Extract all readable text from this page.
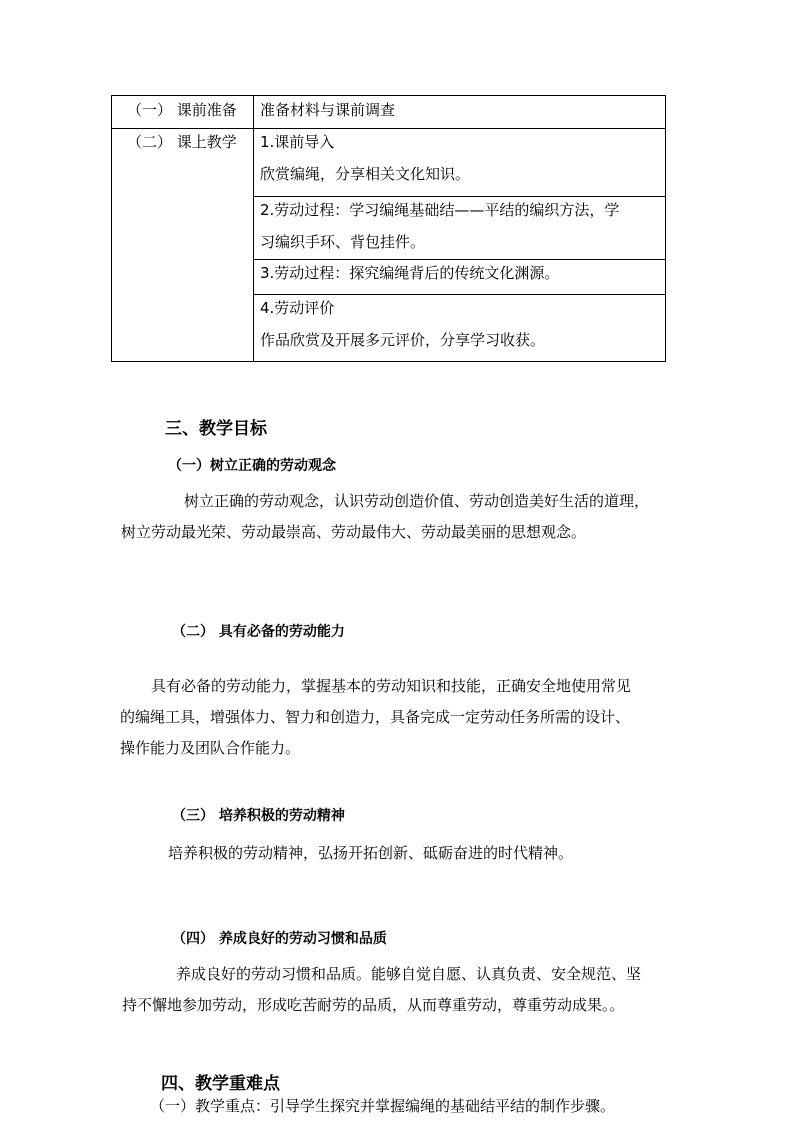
（一） 课前准备 准备材料与课前调查
（二） 课上教学 1.课前导入
欣赏编绳，分享相关文化知识。
2.劳动过程：学习编绳基础结——平结的编织方法，学
习编织手环、背包挂件。
3.劳动过程：探究编绳背后的传统文化渊源。
4.劳动评价
作品欣赏及开展多元评价，分享学习收获。
三、教学目标
（一）树立正确的劳动观念
树立正确的劳动观念，认识劳动创造价值、劳动创造美好生活的道理，
树立劳动最光荣、劳动最崇高、劳动最伟大、劳动最美丽的思想观念。
（二） 具有必备的劳动能力
具有必备的劳动能力，掌握基本的劳动知识和技能，正确安全地使用常见
的编绳工具，增强体力、智力和创造力，具备完成一定劳动任务所需的设计、
操作能力及团队合作能力。
（三） 培养积极的劳动精神
培养积极的劳动精神，弘扬开拓创新、砥砺奋进的时代精神。
（四） 养成良好的劳动习惯和品质
养成良好的劳动习惯和品质。能够自觉自愿、认真负责、安全规范、坚
持不懈地参加劳动，形成吃苦耐劳的品质，从而尊重劳动，尊重劳动成果。。
四、教学重难点
（一）教学重点：引导学生探究并掌握编绳的基础结平结的制作步骤。
